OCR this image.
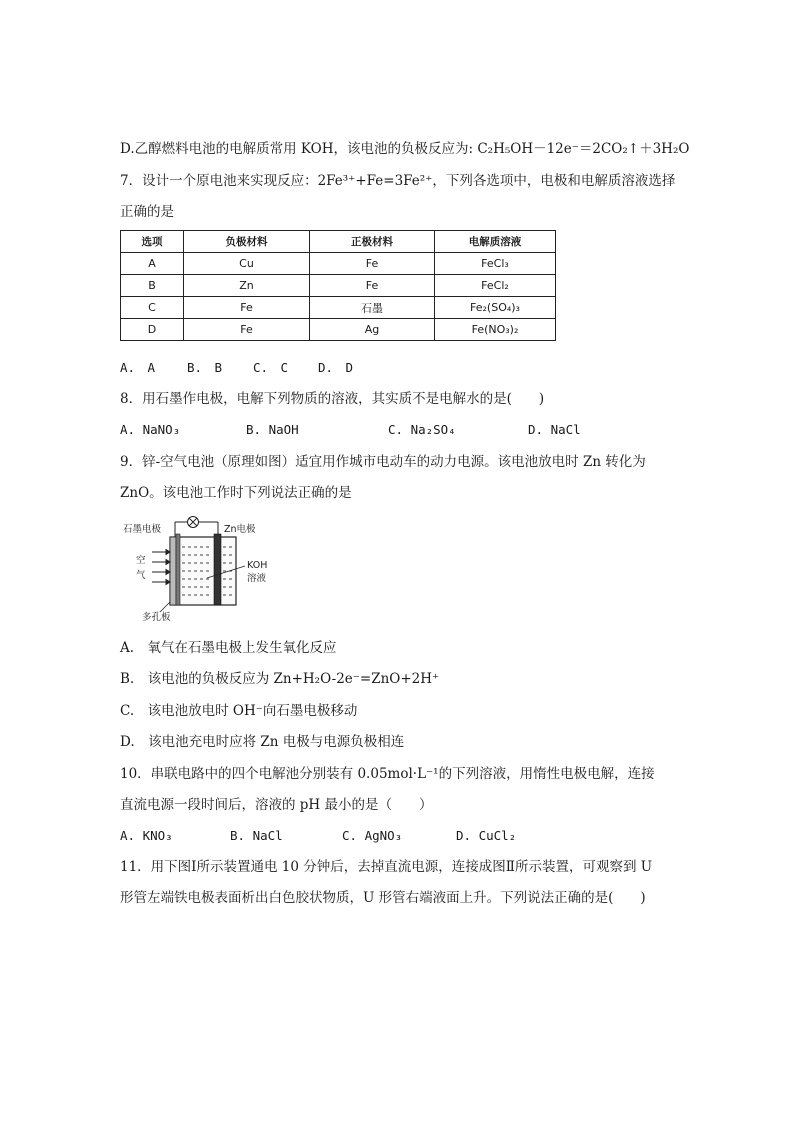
D.乙醇燃料电池的电解质常用 KOH，该电池的负极反应为: C₂H₅OH－12e⁻＝2CO₂↑＋3H₂O
7．设计一个原电池来实现反应：2Fe³⁺+Fe=3Fe²⁺，下列各选项中，电极和电解质溶液选择
正确的是
选项	负极材料	正极材料	电解质溶液
A	Cu	Fe	FeCl₃
B	Zn	Fe	FeCl₂
C	Fe	石墨	Fe₂(SO₄)₃
D	Fe	Ag	Fe(NO₃)₂
A.　A	B.　B C.　C D.　D
8．用石墨作电极，电解下列物质的溶液，其实质不是电解水的是(　　)
A. NaNO₃	B. NaOH	C. Na₂SO₄	D. NaCl
9．锌-空气电池（原理如图）适宜用作城市电动车的动力电源。该电池放电时 Zn 转化为
ZnO。该电池工作时下列说法正确的是
石墨电极	Zn电极
空
气
KOH
溶液
多孔板
A.　氧气在石墨电极上发生氧化反应
B.　该电池的负极反应为 Zn+H₂O-2e⁻=ZnO+2H⁺
C.　该电池放电时 OH⁻向石墨电极移动
D.　该电池充电时应将 Zn 电极与电源负极相连
10．串联电路中的四个电解池分别装有 0.05mol·L⁻¹的下列溶液，用惰性电极电解，连接
直流电源一段时间后，溶液的 pH 最小的是（　　）
A. KNO₃	B. NaCl	C. AgNO₃	D. CuCl₂
11．用下图Ⅰ所示装置通电 10 分钟后，去掉直流电源，连接成图Ⅱ所示装置，可观察到 U
形管左端铁电极表面析出白色胶状物质，U 形管右端液面上升。下列说法正确的是(　　)
